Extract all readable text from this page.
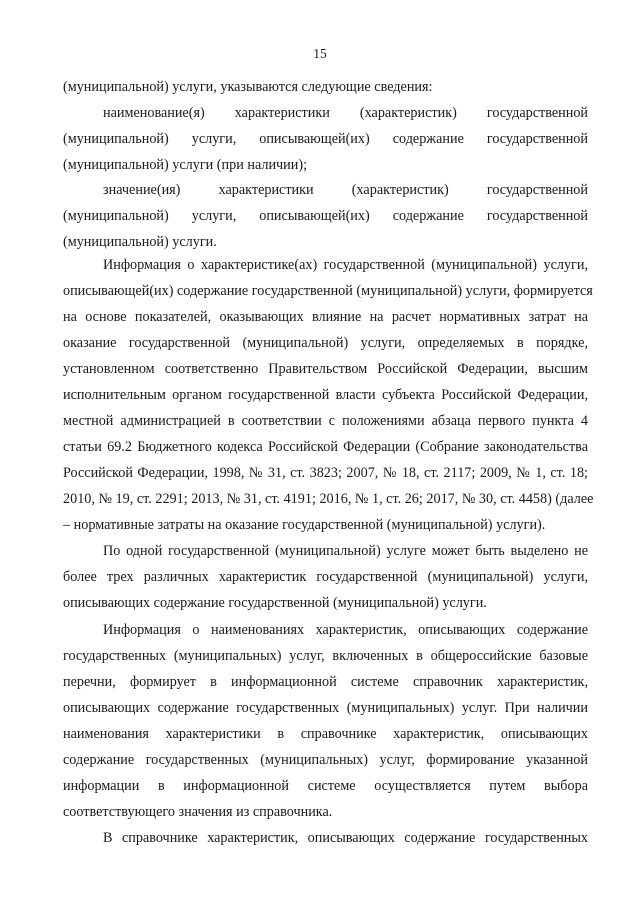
15
(муниципальной) услуги, указываются следующие сведения:
наименование(я) характеристики (характеристик) государственной
(муниципальной) услуги, описывающей(их) содержание государственной
(муниципальной) услуги (при наличии);
значение(ия) характеристики (характеристик) государственной
(муниципальной) услуги, описывающей(их) содержание государственной
(муниципальной) услуги.
Информация о характеристике(ах) государственной (муниципальной) услуги,
описывающей(их) содержание государственной (муниципальной) услуги, формируется
на основе показателей, оказывающих влияние на расчет нормативных затрат на
оказание государственной (муниципальной) услуги, определяемых в порядке,
установленном соответственно Правительством Российской Федерации, высшим
исполнительным органом государственной власти субъекта Российской Федерации,
местной администрацией в соответствии с положениями абзаца первого пункта 4
статьи 69.2 Бюджетного кодекса Российской Федерации (Собрание законодательства
Российской Федерации, 1998, № 31, ст. 3823; 2007, № 18, ст. 2117; 2009, № 1, ст. 18;
2010, № 19, ст. 2291; 2013, № 31, ст. 4191; 2016, № 1, ст. 26; 2017, № 30, ст. 4458) (далее
– нормативные затраты на оказание государственной (муниципальной) услуги).
По одной государственной (муниципальной) услуге может быть выделено не
более трех различных характеристик государственной (муниципальной) услуги,
описывающих содержание государственной (муниципальной) услуги.
Информация о наименованиях характеристик, описывающих содержание
государственных (муниципальных) услуг, включенных в общероссийские базовые
перечни, формирует в информационной системе справочник характеристик,
описывающих содержание государственных (муниципальных) услуг. При наличии
наименования характеристики в справочнике характеристик, описывающих
содержание государственных (муниципальных) услуг, формирование указанной
информации в информационной системе осуществляется путем выбора
соответствующего значения из справочника.
В справочнике характеристик, описывающих содержание государственных
